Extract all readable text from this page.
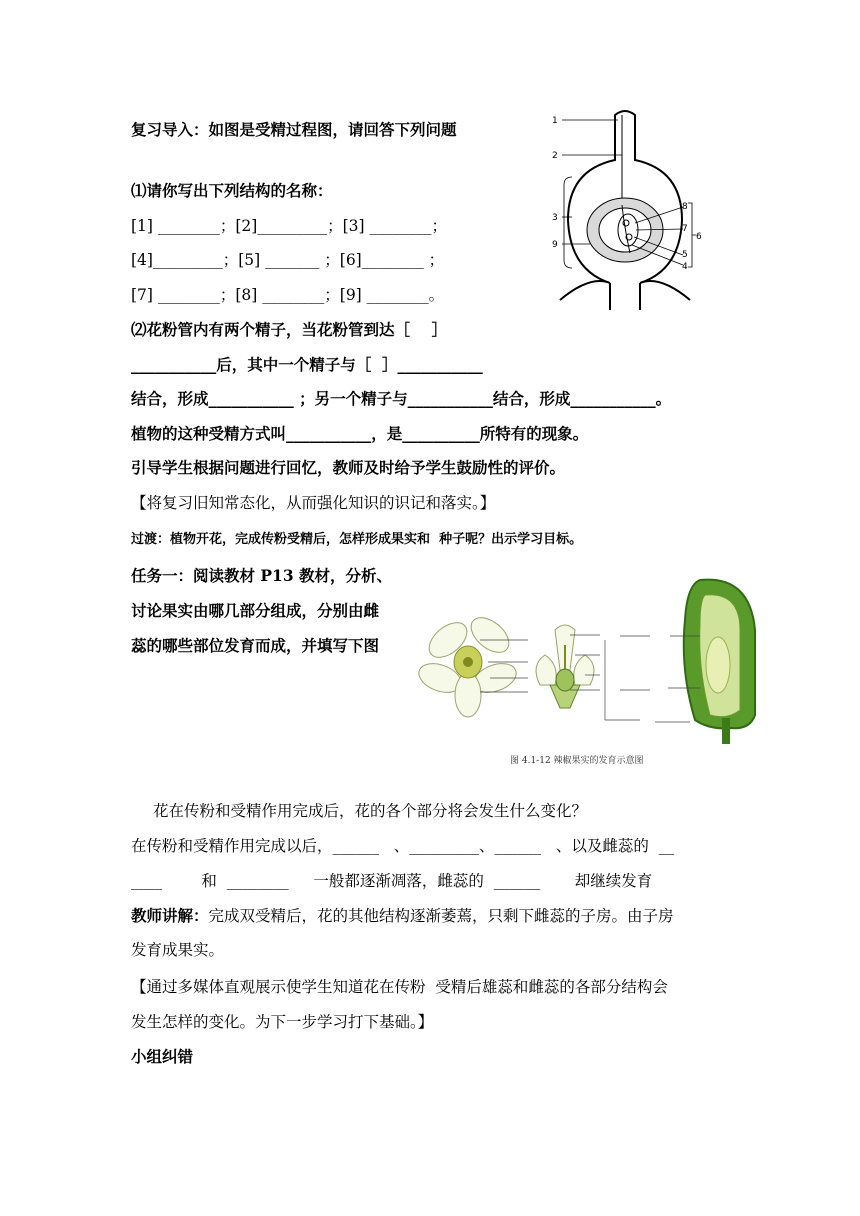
复习导入：如图是受精过程图，请回答下列问题
⑴请你写出下列结构的名称：
[1] ________；[2]_________；[3] ________；
[4]_________；[5] _______ ；[6]________ ；
[7] ________；[8] ________；[9] ________。
⑵花粉管内有两个精子，当花粉管到达［    ］
___________后，其中一个精子与［  ］___________
结合，形成___________ ；另一个精子与___________结合，形成___________。
植物的这种受精方式叫___________，是__________所特有的现象。
引导学生根据问题进行回忆，教师及时给予学生鼓励性的评价。
【将复习旧知常态化，从而强化知识的识记和落实。】
1
2
3
9
8
7
5
4
6
过渡：植物开花，完成传粉受精后，怎样形成果实和  种子呢？出示学习目标。
任务一：阅读教材 P13 教材，分析、
讨论果实由哪几部分组成，分别由雌
蕊的哪些部位发育而成，并填写下图
图 4.1-12 辣椒果实的发育示意图
花在传粉和受精作用完成后，花的各个部分将会发生什么变化？
在传粉和受精作用完成以后，______   、_________、______   、以及雌蕊的  __
____        和  ________     一般都逐渐凋落，雌蕊的  ______       却继续发育
教师讲解：完成双受精后，花的其他结构逐渐萎蔫，只剩下雌蕊的子房。由子房
发育成果实。
【通过多媒体直观展示使学生知道花在传粉  受精后雄蕊和雌蕊的各部分结构会
发生怎样的变化。为下一步学习打下基础。】
小组纠错
